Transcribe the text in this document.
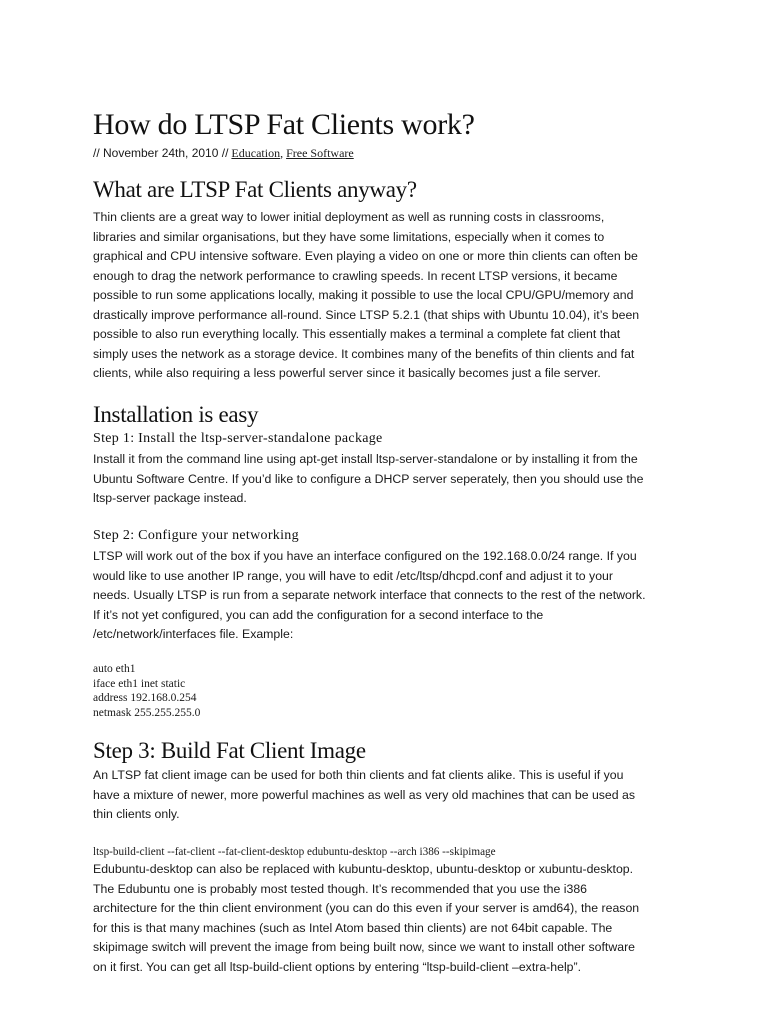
How do LTSP Fat Clients work?
// November 24th, 2010 // Education, Free Software
What are LTSP Fat Clients anyway?
Thin clients are a great way to lower initial deployment as well as running costs in classrooms,
libraries and similar organisations, but they have some limitations, especially when it comes to
graphical and CPU intensive software. Even playing a video on one or more thin clients can often be
enough to drag the network performance to crawling speeds. In recent LTSP versions, it became
possible to run some applications locally, making it possible to use the local CPU/GPU/memory and
drastically improve performance all-round. Since LTSP 5.2.1 (that ships with Ubuntu 10.04), it’s been
possible to also run everything locally. This essentially makes a terminal a complete fat client that
simply uses the network as a storage device. It combines many of the benefits of thin clients and fat
clients, while also requiring a less powerful server since it basically becomes just a file server.
Installation is easy
Step 1: Install the ltsp-server-standalone package
Install it from the command line using apt-get install ltsp-server-standalone or by installing it from the
Ubuntu Software Centre. If you’d like to configure a DHCP server seperately, then you should use the
ltsp-server package instead.
Step 2: Configure your networking
LTSP will work out of the box if you have an interface configured on the 192.168.0.0/24 range. If you
would like to use another IP range, you will have to edit /etc/ltsp/dhcpd.conf and adjust it to your
needs. Usually LTSP is run from a separate network interface that connects to the rest of the network.
If it’s not yet configured, you can add the configuration for a second interface to the
/etc/network/interfaces file. Example:
auto eth1
iface eth1 inet static
address 192.168.0.254
netmask 255.255.255.0
Step 3: Build Fat Client Image
An LTSP fat client image can be used for both thin clients and fat clients alike. This is useful if you
have a mixture of newer, more powerful machines as well as very old machines that can be used as
thin clients only.
ltsp-build-client --fat-client --fat-client-desktop edubuntu-desktop --arch i386 --skipimage
Edubuntu-desktop can also be replaced with kubuntu-desktop, ubuntu-desktop or xubuntu-desktop.
The Edubuntu one is probably most tested though. It’s recommended that you use the i386
architecture for the thin client environment (you can do this even if your server is amd64), the reason
for this is that many machines (such as Intel Atom based thin clients) are not 64bit capable. The
skipimage switch will prevent the image from being built now, since we want to install other software
on it first. You can get all ltsp-build-client options by entering “ltsp-build-client –extra-help”.
